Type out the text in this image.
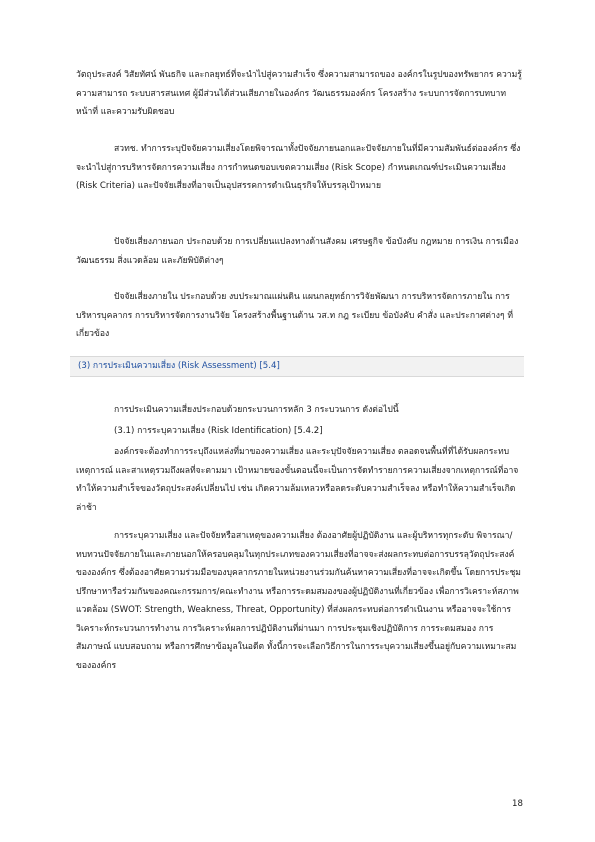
วัตถุประสงค์ วิสัยทัศน์ พันธกิจ และกลยุทธ์ที่จะนำไปสู่ความสำเร็จ ซึ่งความสามารถของ องค์กรในรูปของทรัพยากร ความรู้ ความสามารถ ระบบสารสนเทศ ผู้มีส่วนได้ส่วนเสียภายในองค์กร วัฒนธรรมองค์กร โครงสร้าง ระบบการจัดการบทบาทหน้าที่ และความรับผิดชอบ

สวทช. ทำการระบุปัจจัยความเสี่ยงโดยพิจารณาทั้งปัจจัยภายนอกและปัจจัยภายในที่มีความสัมพันธ์ต่อองค์กร ซึ่งจะนำไปสู่การบริหารจัดการความเสี่ยง การกำหนดขอบเขตความเสี่ยง (Risk Scope) กำหนดเกณฑ์ประเมินความเสี่ยง (Risk Criteria) และปัจจัยเสี่ยงที่อาจเป็นอุปสรรคการดำเนินธุรกิจให้บรรลุเป้าหมาย

ปัจจัยเสี่ยงภายนอก ประกอบด้วย การเปลี่ยนแปลงทางด้านสังคม เศรษฐกิจ ข้อบังคับ กฎหมาย การเงิน การเมือง วัฒนธรรม สิ่งแวดล้อม และภัยพิบัติต่างๆ

ปัจจัยเสี่ยงภายใน ประกอบด้วย งบประมาณแผ่นดิน แผนกลยุทธ์การวิจัยพัฒนา การบริหารจัดการภายใน การบริหารบุคลากร การบริหารจัดการงานวิจัย โครงสร้างพื้นฐานด้าน วส.ท กฎ ระเบียบ ข้อบังคับ คำสั่ง และประกาศต่างๆ ที่เกี่ยวข้อง

(3) การประเมินความเสี่ยง (Risk Assessment) [5.4]

การประเมินความเสี่ยงประกอบด้วยกระบวนการหลัก 3 กระบวนการ ดังต่อไปนี้

(3.1) การระบุความเสี่ยง (Risk Identification) [5.4.2]

องค์กรจะต้องทำการระบุถึงแหล่งที่มาของความเสี่ยง และระบุปัจจัยความเสี่ยง ตลอดจนพื้นที่ที่ได้รับผลกระทบ เหตุการณ์ และสาเหตุรวมถึงผลที่จะตามมา เป้าหมายของขั้นตอนนี้จะเป็นการจัดทำรายการความเสี่ยงจากเหตุการณ์ที่อาจทำให้ความสำเร็จของวัตถุประสงค์เปลี่ยนไป เช่น เกิดความล้มเหลวหรือลดระดับความสำเร็จลง หรือทำให้ความสำเร็จเกิดล่าช้า

การระบุความเสี่ยง และปัจจัยหรือสาเหตุของความเสี่ยง ต้องอาศัยผู้ปฏิบัติงาน และผู้บริหารทุกระดับ พิจารณา/ทบทวนปัจจัยภายในและภายนอกให้ครอบคลุมในทุกประเภทของความเสี่ยงที่อาจจะส่งผลกระทบต่อการบรรลุวัตถุประสงค์ขององค์กร ซึ่งต้องอาศัยความร่วมมือของบุคลากรภายในหน่วยงานร่วมกันค้นหาความเสี่ยงที่อาจจะเกิดขึ้น โดยการประชุมปรึกษาหารือร่วมกันของคณะกรรมการ/คณะทำงาน หรือการระดมสมองของผู้ปฏิบัติงานที่เกี่ยวข้อง เพื่อการวิเคราะห์สภาพแวดล้อม (SWOT: Strength, Weakness, Threat, Opportunity) ที่ส่งผลกระทบต่อการดำเนินงาน หรืออาจจะใช้การวิเคราะห์กระบวนการทำงาน การวิเคราะห์ผลการปฏิบัติงานที่ผ่านมา การประชุมเชิงปฏิบัติการ การระดมสมอง การสัมภาษณ์ แบบสอบถาม หรือการศึกษาข้อมูลในอดีต ทั้งนี้การจะเลือกวิธีการในการระบุความเสี่ยงขึ้นอยู่กับความเหมาะสมขององค์กร

18
